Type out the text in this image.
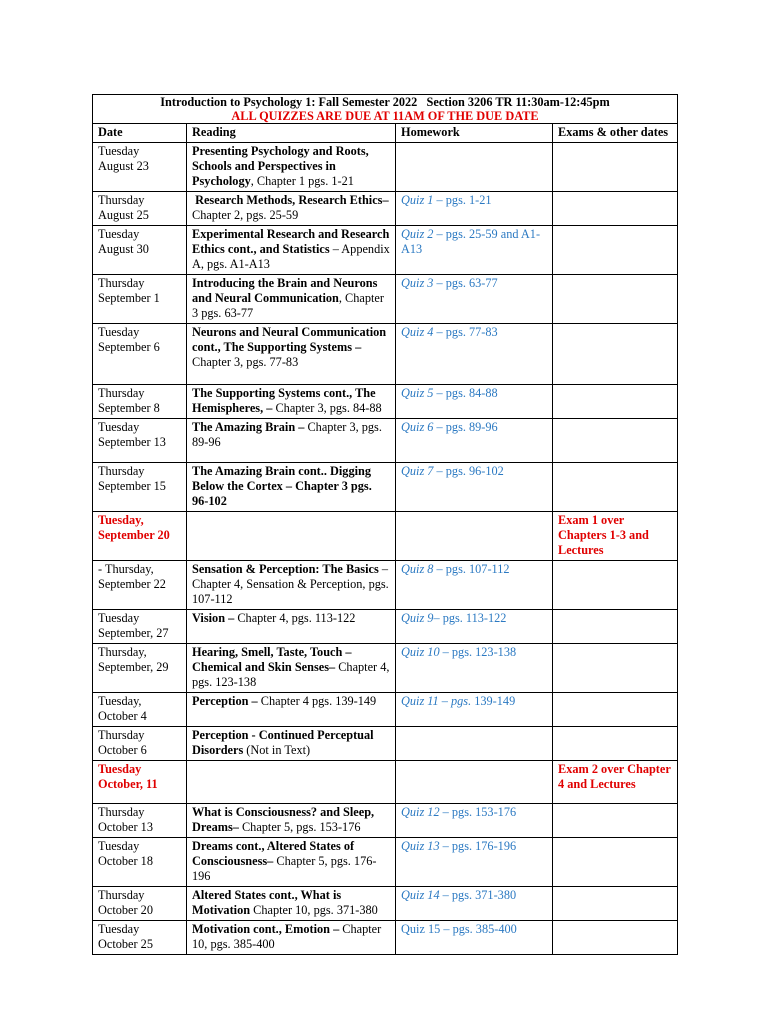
Introduction to Psychology 1: Fall Semester 2022   Section 3206 TR 11:30am-12:45pm
ALL QUIZZES ARE DUE AT 11AM OF THE DUE DATE			

Date	Reading	Homework	Exams & other dates

Tuesday
August 23	Presenting Psychology and Roots, Schools and Perspectives in Psychology, Chapter 1 pgs. 1-21		

Thursday
August 25	Research Methods, Research Ethics– Chapter 2, pgs. 25-59	Quiz 1 – pgs. 1-21	

Tuesday
August 30	Experimental Research and Research Ethics cont., and Statistics – Appendix A, pgs. A1-A13	Quiz 2 – pgs. 25-59 and A1-A13	

Thursday
September 1	Introducing the Brain and Neurons and Neural Communication, Chapter 3 pgs. 63-77	Quiz 3 – pgs. 63-77	

Tuesday
September 6	Neurons and Neural Communication cont., The Supporting Systems – Chapter 3, pgs. 77-83	Quiz 4 – pgs. 77-83	

Thursday
September 8	The Supporting Systems cont., The Hemispheres, – Chapter 3, pgs. 84-88	Quiz 5 – pgs. 84-88	

Tuesday
September 13	The Amazing Brain – Chapter 3, pgs. 89-96	Quiz 6 – pgs. 89-96	

Thursday
September 15	The Amazing Brain cont.. Digging Below the Cortex – Chapter 3 pgs. 96-102	Quiz 7 – pgs. 96-102	

Tuesday,
September 20			Exam 1 over Chapters 1-3 and Lectures

- Thursday,
September 22	Sensation & Perception: The Basics – Chapter 4, Sensation & Perception, pgs. 107-112	Quiz 8 – pgs. 107-112	

Tuesday
September, 27	Vision – Chapter 4, pgs. 113-122	Quiz 9– pgs. 113-122	

Thursday,
September, 29	Hearing, Smell, Taste, Touch – Chemical and Skin Senses– Chapter 4, pgs. 123-138	Quiz 10 – pgs. 123-138	

Tuesday,
October 4	Perception – Chapter 4 pgs. 139-149	Quiz 11 – pgs. 139-149	

Thursday
October 6	Perception - Continued Perceptual Disorders (Not in Text)		

Tuesday
October, 11			Exam 2 over Chapter 4 and Lectures

Thursday
October 13	What is Consciousness? and Sleep, Dreams– Chapter 5, pgs. 153-176	Quiz 12 – pgs. 153-176	

Tuesday
October 18	Dreams cont., Altered States of Consciousness– Chapter 5, pgs. 176-196	Quiz 13 – pgs. 176-196	

Thursday
October 20	Altered States cont., What is Motivation Chapter 10, pgs. 371-380	Quiz 14 – pgs. 371-380	

Tuesday
October 25	Motivation cont., Emotion – Chapter 10, pgs. 385-400	Quiz 15 – pgs. 385-400	
